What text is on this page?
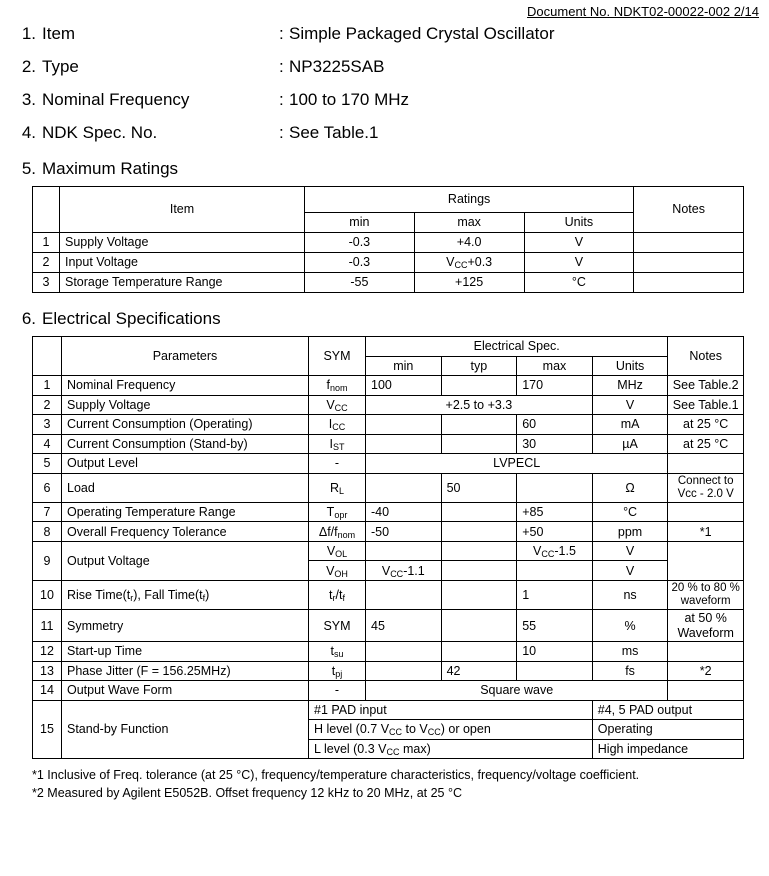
Document No. NDKT02-00022-002 2/14
1. Item	: Simple Packaged Crystal Oscillator
2. Type	: NP3225SAB
3. Nominal Frequency	: 100 to 170 MHz
4. NDK Spec. No.	: See Table.1
5. Maximum Ratings
	Item	Ratings			Notes
		min	max	Units	
1	Supply Voltage	-0.3	+4.0	V	
2	Input Voltage	-0.3	$V_{CC}+0.3$	V	
3	Storage Temperature Range	-55	+125	°C	
6. Electrical Specifications
	Parameters	SYM	Electrical Spec.				Notes
			min	typ	max	Units	
1	Nominal Frequency	$f_{nom}$	100		170	MHz	See Table.2
2	Supply Voltage	$V_{CC}$	+2.5 to +3.3			V	See Table.1
3	Current Consumption (Operating)	$I_{CC}$			60	mA	at 25 °C
4	Current Consumption (Stand-by)	$I_{ST}$			30	µA	at 25 °C
5	Output Level	-	LVPECL				
6	Load	$R_L$		50		Ω	Connect to Vcc - 2.0 V
7	Operating Temperature Range	$T_{opr}$	-40		+85	°C	
8	Overall Frequency Tolerance	$\Delta f/f_{nom}$	-50		+50	ppm	*1
9	Output Voltage	$V_{OL}$			$V_{CC}-1.5$	V	
		$V_{OH}$	$V_{CC}-1.1$			V	
10	Rise $Time(t_r)$, Fall $Time(t_f)$	$t_r/t_f$			1	ns	20 % to 80 % waveform
11	Symmetry	SYM	45		55	%	at 50 % Waveform
12	Start-up Time	$t_{su}$			10	ms	
13	Phase Jitter (F = 156.25MHz)	$t_{pj}$		42		fs	*2
14	Output Wave Form	-	Square wave				
15	Stand-by Function	#1 PAD input				#4, 5 PAD output	
		H level (0.7 $V_{CC}$ to $V_{CC}$) or open				Operating	
		L level (0.3 $V_{CC}$ max)				High impedance	
*1 Inclusive of Freq. tolerance (at 25 °C), frequency/temperature characteristics, frequency/voltage coefficient.
*2 Measured by Agilent E5052B. Offset frequency 12 kHz to 20 MHz, at 25 °C
